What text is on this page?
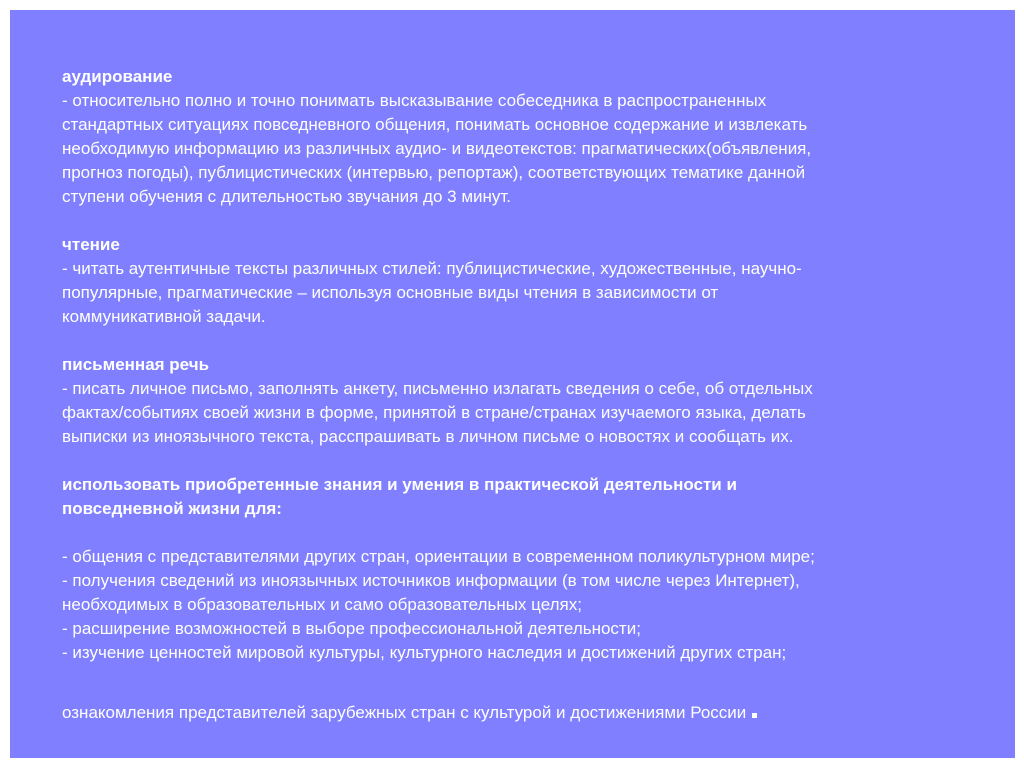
аудирование
- относительно полно и точно понимать высказывание собеседника в распространенных
стандартных ситуациях повседневного общения, понимать основное содержание и извлекать
необходимую информацию из различных аудио- и видеотекстов: прагматических(объявления,
прогноз погоды), публицистических (интервью, репортаж), соответствующих тематике данной
ступени обучения с длительностью звучания до 3 минут.
чтение
- читать аутентичные тексты различных стилей: публицистические, художественные, научно-
популярные, прагматические – используя основные виды чтения в зависимости от
коммуникативной задачи.
письменная речь
- писать личное письмо, заполнять анкету, письменно излагать сведения о себе, об отдельных
фактах/событиях своей жизни в форме, принятой в стране/странах изучаемого языка, делать
выписки из иноязычного текста, расспрашивать в личном письме о новостях и сообщать их.
использовать приобретенные знания и умения в практической деятельности и
повседневной жизни для:
- общения с представителями других стран, ориентации в современном поликультурном мире;
- получения сведений из иноязычных источников информации (в том числе через Интернет),
необходимых в образовательных и само образовательных целях;
- расширение возможностей в выборе профессиональной деятельности;
- изучение ценностей мировой культуры, культурного наследия и достижений других стран;
ознакомления представителей зарубежных стран с культурой и достижениями России
